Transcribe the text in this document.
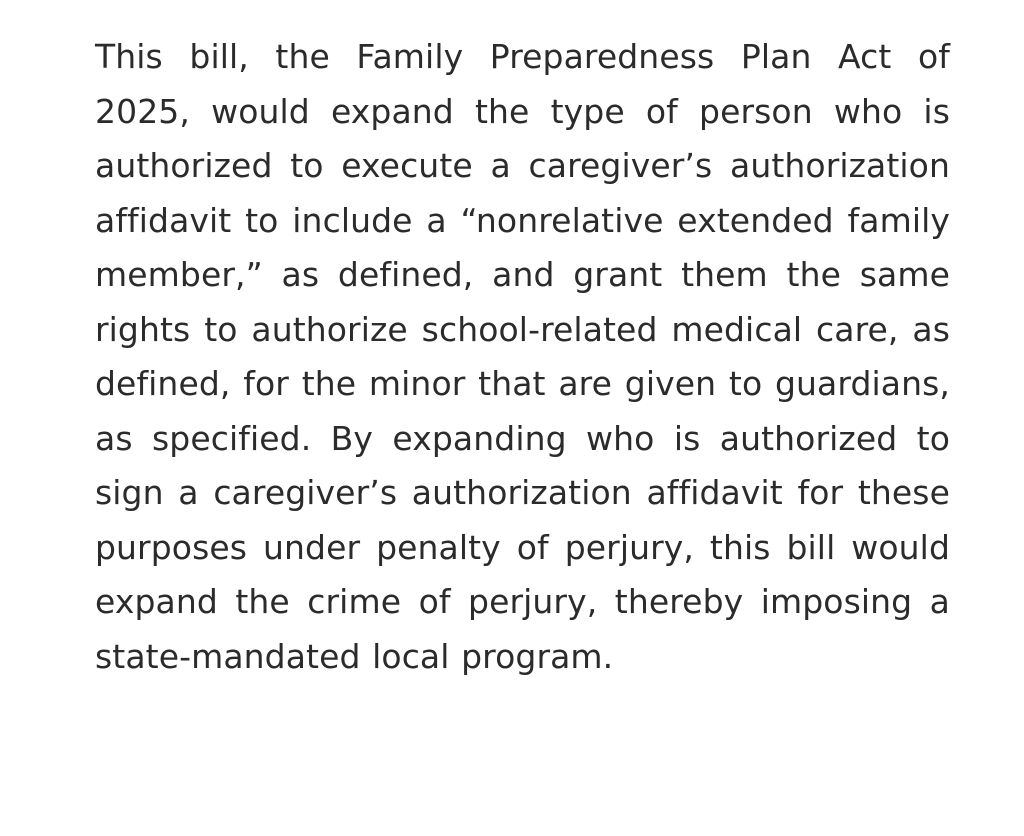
This bill, the Family Preparedness Plan Act of 2025, would expand the type of person who is authorized to execute a caregiver’s authorization affidavit to include a “nonrelative extended family member,” as defined, and grant them the same rights to authorize school-related medical care, as defined, for the minor that are given to guardians, as specified. By expanding who is authorized to sign a caregiver’s authorization affidavit for these purposes under penalty of perjury, this bill would expand the crime of perjury, thereby imposing a state-mandated local program.
